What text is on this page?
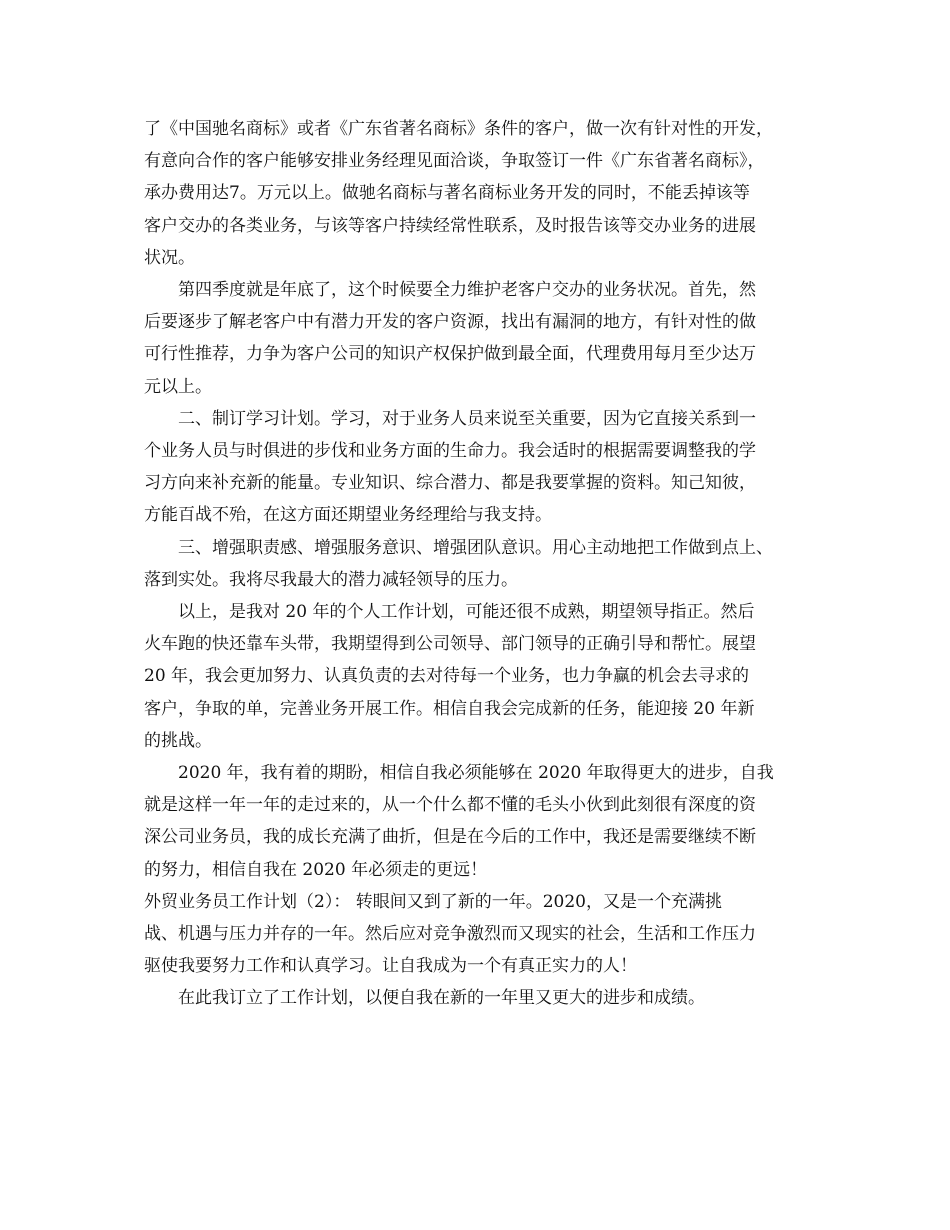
了《中国驰名商标》或者《广东省著名商标》条件的客户，做一次有针对性的开发，
有意向合作的客户能够安排业务经理见面洽谈，争取签订一件《广东省著名商标》，
承办费用达7。万元以上。做驰名商标与著名商标业务开发的同时，不能丢掉该等
客户交办的各类业务，与该等客户持续经常性联系，及时报告该等交办业务的进展
状况。

第四季度就是年底了，这个时候要全力维护老客户交办的业务状况。首先，然
后要逐步了解老客户中有潜力开发的客户资源，找出有漏洞的地方，有针对性的做
可行性推荐，力争为客户公司的知识产权保护做到最全面，代理费用每月至少达万
元以上。

二、制订学习计划。学习，对于业务人员来说至关重要，因为它直接关系到一
个业务人员与时俱进的步伐和业务方面的生命力。我会适时的根据需要调整我的学
习方向来补充新的能量。专业知识、综合潜力、都是我要掌握的资料。知己知彼，
方能百战不殆，在这方面还期望业务经理给与我支持。

三、增强职责感、增强服务意识、增强团队意识。用心主动地把工作做到点上、
落到实处。我将尽我最大的潜力减轻领导的压力。

以上，是我对 20 年的个人工作计划，可能还很不成熟，期望领导指正。然后
火车跑的快还靠车头带，我期望得到公司领导、部门领导的正确引导和帮忙。展望
20 年，我会更加努力、认真负责的去对待每一个业务，也力争赢的机会去寻求的
客户，争取的单，完善业务开展工作。相信自我会完成新的任务，能迎接 20 年新
的挑战。

2020 年，我有着的期盼，相信自我必须能够在 2020 年取得更大的进步，自我
就是这样一年一年的走过来的，从一个什么都不懂的毛头小伙到此刻很有深度的资
深公司业务员，我的成长充满了曲折，但是在今后的工作中，我还是需要继续不断
的努力，相信自我在 2020 年必须走的更远！

外贸业务员工作计划（2）： 转眼间又到了新的一年。2020，又是一个充满挑
战、机遇与压力并存的一年。然后应对竞争激烈而又现实的社会，生活和工作压力
驱使我要努力工作和认真学习。让自我成为一个有真正实力的人！

在此我订立了工作计划，以便自我在新的一年里又更大的进步和成绩。
